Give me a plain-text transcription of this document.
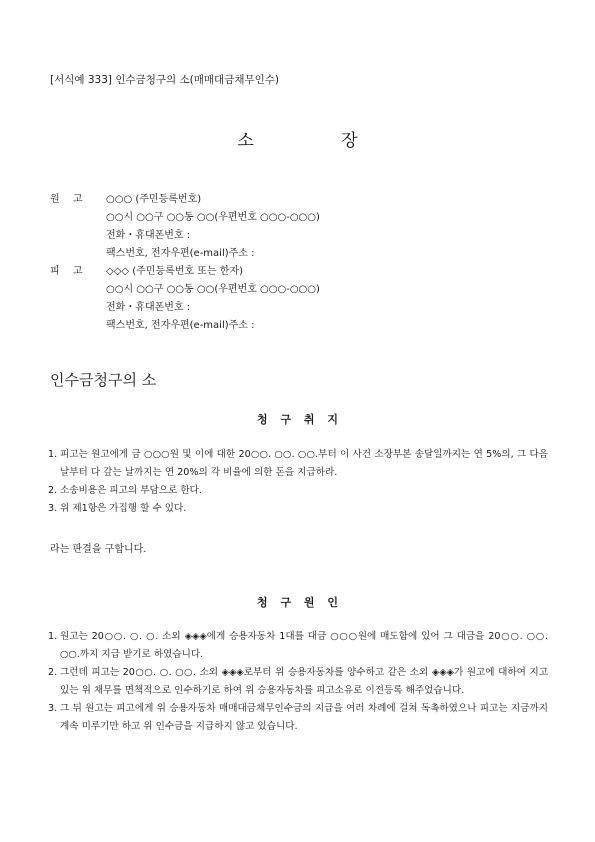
[서식예 333] 인수금청구의 소(매매대금채무인수)
소 장
원 고 ○○○ (주민등록번호)
○○시 ○○구 ○○동 ○○(우편번호 ○○○-○○○)
전화・휴대폰번호 :
팩스번호, 전자우편(e-mail)주소 :
피 고 ◇◇◇ (주민등록번호 또는 한자)
○○시 ○○구 ○○동 ○○(우편번호 ○○○-○○○)
전화・휴대폰번호 :
팩스번호, 전자우편(e-mail)주소 :
인수금청구의 소
청 구 취 지
1. 피고는 원고에게 금 ○○○원 및 이에 대한 20○○. ○○. ○○.부터 이 사건 소장부본 송달일까지는 연 5%의, 그 다음날부터 다 갚는 날까지는 연 20%의 각 비율에 의한 돈을 지급하라.
2. 소송비용은 피고의 부담으로 한다.
3. 위 제1항은 가집행 할 수 있다.
라는 판결을 구합니다.
청 구 원 인
1. 원고는 20○○. ○. ○. 소외 ◈◈◈에게 승용자동차 1대를 대금 ○○○원에 매도함에 있어 그 대금을 20○○. ○○. ○○.까지 지급 받기로 하였습니다.
2. 그런데 피고는 20○○. ○. ○○. 소외 ◈◈◈로부터 위 승용자동차를 양수하고 같은 소외 ◈◈◈가 원고에 대하여 지고 있는 위 채무를 면책적으로 인수하기로 하여 위 승용자동차를 피고소유로 이전등록 해주었습니다.
3. 그 뒤 원고는 피고에게 위 승용자동차 매매대금채무인수금의 지급을 여러 차례에 걸쳐 독촉하였으나 피고는 지금까지 계속 미루기만 하고 위 인수금을 지급하지 않고 있습니다.
